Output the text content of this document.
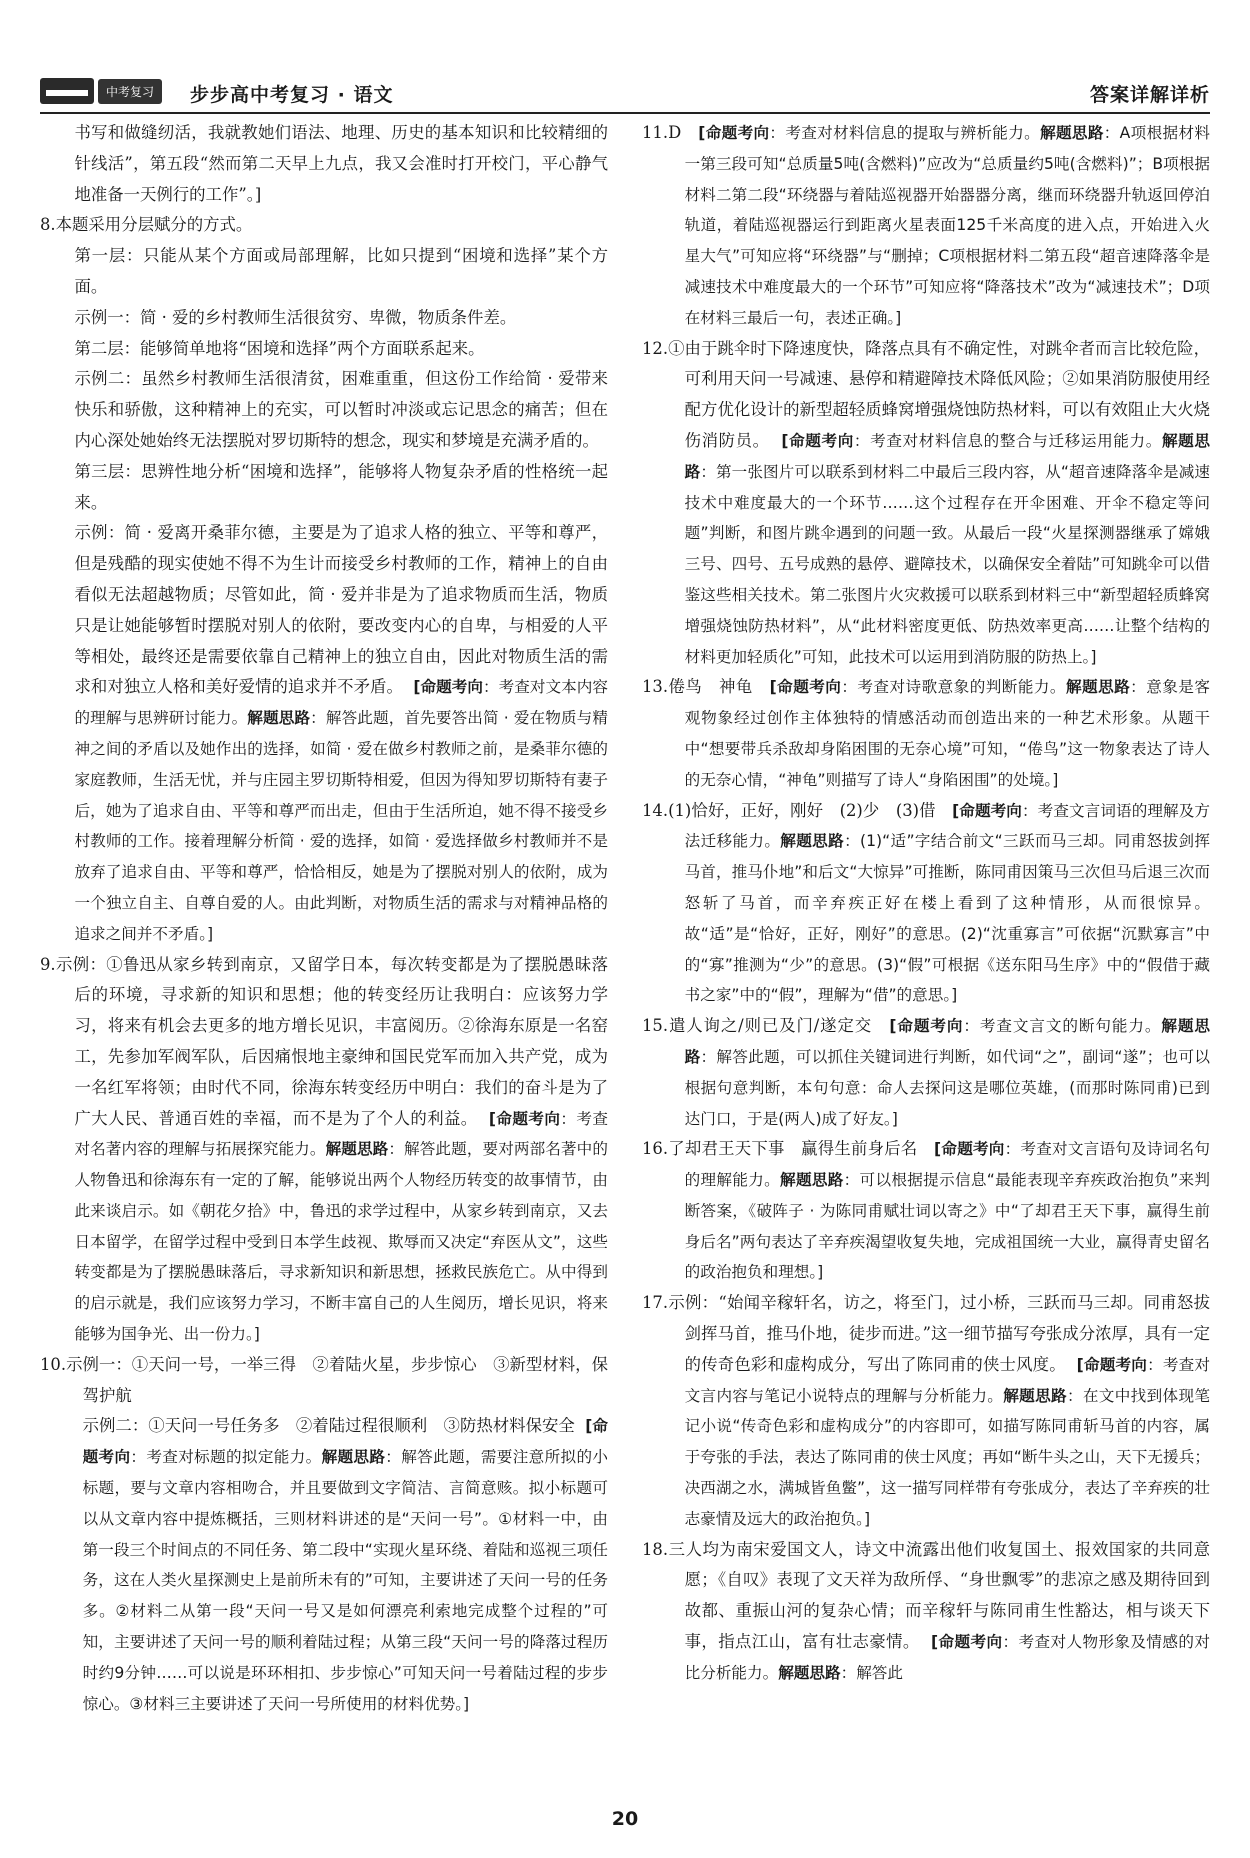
中考复习	步步高中考复习 · 语文	答案详解详析

书写和做缝纫活，我就教她们语法、地理、历史的基本知识和比较精细的针线活”，第五段“然而第二天早上九点，我又会准时打开校门，平心静气地准备一天例行的工作”。]

8.本题采用分层赋分的方式。

第一层：只能从某个方面或局部理解，比如只提到“困境和选择”某个方面。

示例一：简 · 爱的乡村教师生活很贫穷、卑微，物质条件差。

第二层：能够简单地将“困境和选择”两个方面联系起来。

示例二：虽然乡村教师生活很清贫，困难重重，但这份工作给简 · 爱带来快乐和骄傲，这种精神上的充实，可以暂时冲淡或忘记思念的痛苦；但在内心深处她始终无法摆脱对罗切斯特的想念，现实和梦境是充满矛盾的。

第三层：思辨性地分析“困境和选择”，能够将人物复杂矛盾的性格统一起来。

示例：简 · 爱离开桑菲尔德，主要是为了追求人格的独立、平等和尊严，但是残酷的现实使她不得不为生计而接受乡村教师的工作，精神上的自由看似无法超越物质；尽管如此，简 · 爱并非是为了追求物质而生活，物质只是让她能够暂时摆脱对别人的依附，要改变内心的自卑，与相爱的人平等相处，最终还是需要依靠自己精神上的独立自由，因此对物质生活的需求和对独立人格和美好爱情的追求并不矛盾。 [命题考向：考查对文本内容的理解与思辨研讨能力。解题思路：解答此题，首先要答出简 · 爱在物质与精神之间的矛盾以及她作出的选择，如简 · 爱在做乡村教师之前，是桑菲尔德的家庭教师，生活无忧，并与庄园主罗切斯特相爱，但因为得知罗切斯特有妻子后，她为了追求自由、平等和尊严而出走，但由于生活所迫，她不得不接受乡村教师的工作。接着理解分析简 · 爱的选择，如简 · 爱选择做乡村教师并不是放弃了追求自由、平等和尊严，恰恰相反，她是为了摆脱对别人的依附，成为一个独立自主、自尊自爱的人。由此判断，对物质生活的需求与对精神品格的追求之间并不矛盾。]

9.示例：①鲁迅从家乡转到南京，又留学日本，每次转变都是为了摆脱愚昧落后的环境，寻求新的知识和思想；他的转变经历让我明白：应该努力学习，将来有机会去更多的地方增长见识，丰富阅历。②徐海东原是一名窑工，先参加军阀军队，后因痛恨地主豪绅和国民党军而加入共产党，成为一名红军将领；由时代不同，徐海东转变经历中明白：我们的奋斗是为了广大人民、普通百姓的幸福，而不是为了个人的利益。 [命题考向：考查对名著内容的理解与拓展探究能力。解题思路：解答此题，要对两部名著中的人物鲁迅和徐海东有一定的了解，能够说出两个人物经历转变的故事情节，由此来谈启示。如《朝花夕拾》中，鲁迅的求学过程中，从家乡转到南京，又去日本留学，在留学过程中受到日本学生歧视、欺辱而又决定“弃医从文”，这些转变都是为了摆脱愚昧落后，寻求新知识和新思想，拯救民族危亡。从中得到的启示就是，我们应该努力学习，不断丰富自己的人生阅历，增长见识，将来能够为国争光、出一份力。]

10.示例一：①天问一号，一举三得　②着陆火星，步步惊心　③新型材料，保驾护航

示例二：①天问一号任务多　②着陆过程很顺利　③防热材料保安全 [命题考向：考查对标题的拟定能力。解题思路：解答此题，需要注意所拟的小标题，要与文章内容相吻合，并且要做到文字简洁、言简意赅。拟小标题可以从文章内容中提炼概括，三则材料讲述的是“天问一号”。①材料一中，由第一段三个时间点的不同任务、第二段中“实现火星环绕、着陆和巡视三项任务，这在人类火星探测史上是前所未有的”可知，主要讲述了天问一号的任务多。②材料二从第一段“天问一号又是如何漂亮利索地完成整个过程的”可知，主要讲述了天问一号的顺利着陆过程；从第三段“天问一号的降落过程历时约9分钟……可以说是环环相扣、步步惊心”可知天问一号着陆过程的步步惊心。③材料三主要讲述了天问一号所使用的材料优势。]

11.D　[命题考向：考查对材料信息的提取与辨析能力。解题思路：A项根据材料一第三段可知“总质量5吨(含燃料)”应改为“总质量约5吨(含燃料)”；B项根据材料二第二段“环绕器与着陆巡视器开始器器分离，继而环绕器升轨返回停泊轨道，着陆巡视器运行到距离火星表面125千米高度的进入点，开始进入火星大气”可知应将“环绕器”与“删掉；C项根据材料二第五段“超音速降落伞是减速技术中难度最大的一个环节”可知应将“降落技术”改为“减速技术”；D项在材料三最后一句，表述正确。]

12.①由于跳伞时下降速度快，降落点具有不确定性，对跳伞者而言比较危险，可利用天问一号减速、悬停和精避障技术降低风险；②如果消防服使用经配方优化设计的新型超轻质蜂窝增强烧蚀防热材料，可以有效阻止大火烧伤消防员。 [命题考向：考查对材料信息的整合与迁移运用能力。解题思路：第一张图片可以联系到材料二中最后三段内容，从“超音速降落伞是减速技术中难度最大的一个环节……这个过程存在开伞困难、开伞不稳定等问题”判断，和图片跳伞遇到的问题一致。从最后一段“火星探测器继承了嫦娥三号、四号、五号成熟的悬停、避障技术，以确保安全着陆”可知跳伞可以借鉴这些相关技术。第二张图片火灾救援可以联系到材料三中“新型超轻质蜂窝增强烧蚀防热材料”，从“此材料密度更低、防热效率更高……让整个结构的材料更加轻质化”可知，此技术可以运用到消防服的防热上。]

13.倦鸟　神龟　[命题考向：考查对诗歌意象的判断能力。解题思路：意象是客观物象经过创作主体独特的情感活动而创造出来的一种艺术形象。从题干中“想要带兵杀敌却身陷困围的无奈心境”可知，“倦鸟”这一物象表达了诗人的无奈心情，“神龟”则描写了诗人“身陷困围”的处境。]

14.(1)恰好，正好，刚好　(2)少　(3)借　[命题考向：考查文言词语的理解及方法迁移能力。解题思路：(1)“适”字结合前文“三跃而马三却。同甫怒拔剑挥马首，推马仆地”和后文“大惊异”可推断，陈同甫因策马三次但马后退三次而怒斩了马首，而辛弃疾正好在楼上看到了这种情形，从而很惊异。故“适”是“恰好，正好，刚好”的意思。(2)“沈重寡言”可依据“沉默寡言”中的“寡”推测为“少”的意思。(3)“假”可根据《送东阳马生序》中的“假借于藏书之家”中的“假”，理解为“借”的意思。]

15.遣人询之/则已及门/遂定交　[命题考向：考查文言文的断句能力。解题思路：解答此题，可以抓住关键词进行判断，如代词“之”，副词“遂”；也可以根据句意判断，本句句意：命人去探问这是哪位英雄，(而那时陈同甫)已到达门口，于是(两人)成了好友。]

16.了却君王天下事　赢得生前身后名　[命题考向：考查对文言语句及诗词名句的理解能力。解题思路：可以根据提示信息“最能表现辛弃疾政治抱负”来判断答案，《破阵子 · 为陈同甫赋壮词以寄之》中“了却君王天下事，赢得生前身后名”两句表达了辛弃疾渴望收复失地，完成祖国统一大业，赢得青史留名的政治抱负和理想。]

17.示例：“始闻辛稼轩名，访之，将至门，过小桥，三跃而马三却。同甫怒拔剑挥马首，推马仆地，徒步而进。”这一细节描写夸张成分浓厚，具有一定的传奇色彩和虚构成分，写出了陈同甫的侠士风度。 [命题考向：考查对文言内容与笔记小说特点的理解与分析能力。解题思路：在文中找到体现笔记小说“传奇色彩和虚构成分”的内容即可，如描写陈同甫斩马首的内容，属于夸张的手法，表达了陈同甫的侠士风度；再如“断牛头之山，天下无援兵；决西湖之水，满城皆鱼鳖”，这一描写同样带有夸张成分，表达了辛弃疾的壮志豪情及远大的政治抱负。]

18.三人均为南宋爱国文人，诗文中流露出他们收复国土、报效国家的共同意愿；《自叹》表现了文天祥为敌所俘、“身世飘零”的悲凉之感及期待回到故都、重振山河的复杂心情；而辛稼轩与陈同甫生性豁达，相与谈天下事，指点江山，富有壮志豪情。 [命题考向：考查对人物形象及情感的对比分析能力。解题思路：解答此

20
